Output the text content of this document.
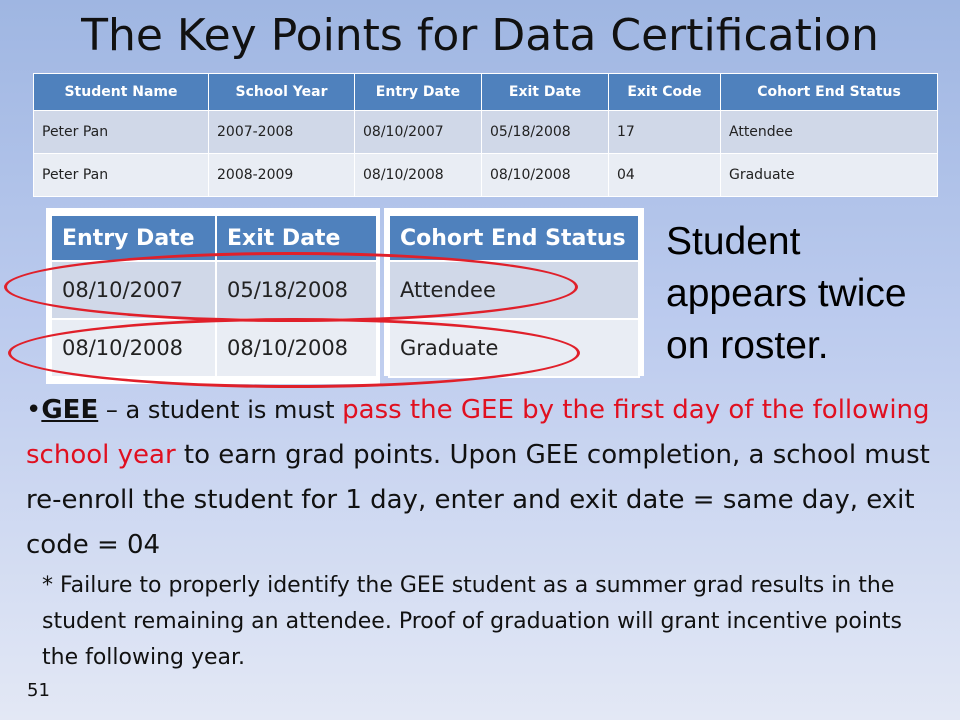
The Key Points for Data Certification
Student Name	School Year	Entry Date	Exit Date	Exit Code	Cohort End Status
Peter Pan	2007-2008	08/10/2007	05/18/2008	17	Attendee
Peter Pan	2008-2009	08/10/2008	08/10/2008	04	Graduate
Entry Date	Exit Date
08/10/2007	05/18/2008
08/10/2008	08/10/2008
Cohort End Status
Attendee
Graduate
Student appears twice on roster.
•GEE – a student is must pass the GEE by the first day of the following school year to earn grad points. Upon GEE completion, a school must re-enroll the student for 1 day, enter and exit date = same day, exit code = 04
* Failure to properly identify the GEE student as a summer grad results in the student remaining an attendee. Proof of graduation will grant incentive points the following year.
51
